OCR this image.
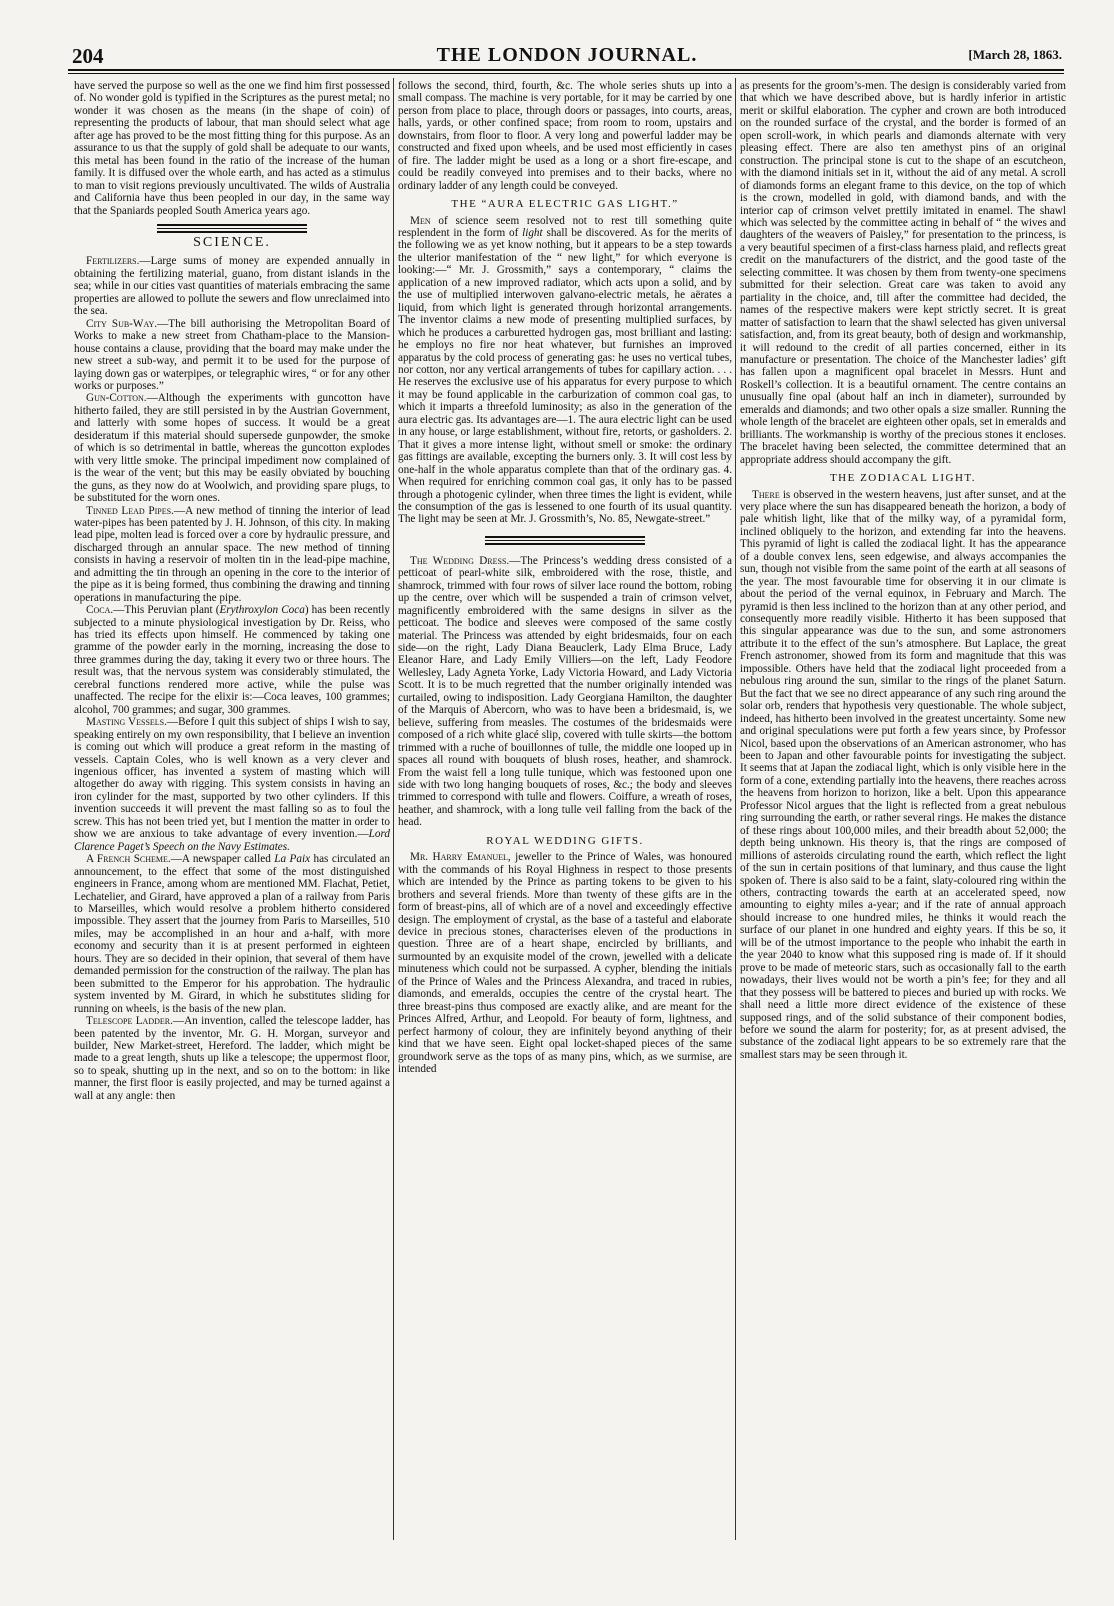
204	THE LONDON JOURNAL.	[March 28, 1863.

have served the purpose so well as the one we find him first possessed of. No wonder gold is typified in the Scriptures as the purest metal; no wonder it was chosen as the means (in the shape of coin) of representing the products of labour, that man should select what age after age has proved to be the most fitting thing for this purpose. As an assurance to us that the supply of gold shall be adequate to our wants, this metal has been found in the ratio of the increase of the human family. It is diffused over the whole earth, and has acted as a stimulus to man to visit regions previously uncultivated. The wilds of Australia and California have thus been peopled in our day, in the same way that the Spaniards peopled South America years ago.

SCIENCE.

Fertilizers.—Large sums of money are expended annually in obtaining the fertilizing material, guano, from distant islands in the sea; while in our cities vast quantities of materials embracing the same properties are allowed to pollute the sewers and flow unreclaimed into the sea.

City Sub-Way.—The bill authorising the Metropolitan Board of Works to make a new street from Chatham-place to the Mansion-house contains a clause, providing that the board may make under the new street a sub-way, and permit it to be used for the purpose of laying down gas or waterpipes, or telegraphic wires, “ or for any other works or purposes.”

Gun-Cotton.—Although the experiments with guncotton have hitherto failed, they are still persisted in by the Austrian Government, and latterly with some hopes of success. It would be a great desideratum if this material should supersede gunpowder, the smoke of which is so detrimental in battle, whereas the guncotton explodes with very little smoke. The principal impediment now complained of is the wear of the vent; but this may be easily obviated by bouching the guns, as they now do at Woolwich, and providing spare plugs, to be substituted for the worn ones.

Tinned Lead Pipes.—A new method of tinning the interior of lead water-pipes has been patented by J. H. Johnson, of this city. In making lead pipe, molten lead is forced over a core by hydraulic pressure, and discharged through an annular space. The new method of tinning consists in having a reservoir of molten tin in the lead-pipe machine, and admitting the tin through an opening in the core to the interior of the pipe as it is being formed, thus combining the drawing and tinning operations in manufacturing the pipe.

Coca.—This Peruvian plant (Erythroxylon Coca) has been recently subjected to a minute physiological investigation by Dr. Reiss, who has tried its effects upon himself. He commenced by taking one gramme of the powder early in the morning, increasing the dose to three grammes during the day, taking it every two or three hours. The result was, that the nervous system was considerably stimulated, the cerebral functions rendered more active, while the pulse was unaffected. The recipe for the elixir is:—Coca leaves, 100 grammes; alcohol, 700 grammes; and sugar, 300 grammes.

Masting Vessels.—Before I quit this subject of ships I wish to say, speaking entirely on my own responsibility, that I believe an invention is coming out which will produce a great reform in the masting of vessels. Captain Coles, who is well known as a very clever and ingenious officer, has invented a system of masting which will altogether do away with rigging. This system consists in having an iron cylinder for the mast, supported by two other cylinders. If this invention succeeds it will prevent the mast falling so as to foul the screw. This has not been tried yet, but I mention the matter in order to show we are anxious to take advantage of every invention.—Lord Clarence Paget’s Speech on the Navy Estimates.

A French Scheme.—A newspaper called La Paix has circulated an announcement, to the effect that some of the most distinguished engineers in France, among whom are mentioned MM. Flachat, Petiet, Lechatelier, and Girard, have approved a plan of a railway from Paris to Marseilles, which would resolve a problem hitherto considered impossible. They assert that the journey from Paris to Marseilles, 510 miles, may be accomplished in an hour and a-half, with more economy and security than it is at present performed in eighteen hours. They are so decided in their opinion, that several of them have demanded permission for the construction of the railway. The plan has been submitted to the Emperor for his approbation. The hydraulic system invented by M. Girard, in which he substitutes sliding for running on wheels, is the basis of the new plan.

Telescope Ladder.—An invention, called the telescope ladder, has been patented by the inventor, Mr. G. H. Morgan, surveyor and builder, New Market-street, Hereford. The ladder, which might be made to a great length, shuts up like a telescope; the uppermost floor, so to speak, shutting up in the next, and so on to the bottom: in like manner, the first floor is easily projected, and may be turned against a wall at any angle: then

follows the second, third, fourth, &c. The whole series shuts up into a small compass. The machine is very portable, for it may be carried by one person from place to place, through doors or passages, into courts, areas, halls, yards, or other confined space; from room to room, upstairs and downstairs, from floor to floor. A very long and powerful ladder may be constructed and fixed upon wheels, and be used most efficiently in cases of fire. The ladder might be used as a long or a short fire-escape, and could be readily conveyed into premises and to their backs, where no ordinary ladder of any length could be conveyed.

THE “AURA ELECTRIC GAS LIGHT.”

Men of science seem resolved not to rest till something quite resplendent in the form of light shall be discovered. As for the merits of the following we as yet know nothing, but it appears to be a step towards the ulterior manifestation of the “ new light,” for which everyone is looking:—“ Mr. J. Grossmith,” says a contemporary, “ claims the application of a new improved radiator, which acts upon a solid, and by the use of multiplied interwoven galvano-electric metals, he aërates a liquid, from which light is generated through horizontal arrangements. The inventor claims a new mode of presenting multiplied surfaces, by which he produces a carburetted hydrogen gas, most brilliant and lasting: he employs no fire nor heat whatever, but furnishes an improved apparatus by the cold process of generating gas: he uses no vertical tubes, nor cotton, nor any vertical arrangements of tubes for capillary action. . . . He reserves the exclusive use of his apparatus for every purpose to which it may be found applicable in the carburization of common coal gas, to which it imparts a threefold luminosity; as also in the generation of the aura electric gas. Its advantages are—1. The aura electric light can be used in any house, or large establishment, without fire, retorts, or gasholders. 2. That it gives a more intense light, without smell or smoke: the ordinary gas fittings are available, excepting the burners only. 3. It will cost less by one-half in the whole apparatus complete than that of the ordinary gas. 4. When required for enriching common coal gas, it only has to be passed through a photogenic cylinder, when three times the light is evident, while the consumption of the gas is lessened to one fourth of its usual quantity. The light may be seen at Mr. J. Grossmith’s, No. 85, Newgate-street.”

The Wedding Dress.—The Princess’s wedding dress consisted of a petticoat of pearl-white silk, embroidered with the rose, thistle, and shamrock, trimmed with four rows of silver lace round the bottom, robing up the centre, over which will be suspended a train of crimson velvet, magnificently embroidered with the same designs in silver as the petticoat. The bodice and sleeves were composed of the same costly material. The Princess was attended by eight bridesmaids, four on each side—on the right, Lady Diana Beauclerk, Lady Elma Bruce, Lady Eleanor Hare, and Lady Emily Villiers—on the left, Lady Feodore Wellesley, Lady Agneta Yorke, Lady Victoria Howard, and Lady Victoria Scott. It is to be much regretted that the number originally intended was curtailed, owing to indisposition. Lady Georgiana Hamilton, the daughter of the Marquis of Abercorn, who was to have been a bridesmaid, is, we believe, suffering from measles. The costumes of the bridesmaids were composed of a rich white glacé slip, covered with tulle skirts—the bottom trimmed with a ruche of bouillonnes of tulle, the middle one looped up in spaces all round with bouquets of blush roses, heather, and shamrock. From the waist fell a long tulle tunique, which was festooned upon one side with two long hanging bouquets of roses, &c.; the body and sleeves trimmed to correspond with tulle and flowers. Coiffure, a wreath of roses, heather, and shamrock, with a long tulle veil falling from the back of the head.

ROYAL WEDDING GIFTS.

Mr. Harry Emanuel, jeweller to the Prince of Wales, was honoured with the commands of his Royal Highness in respect to those presents which are intended by the Prince as parting tokens to be given to his brothers and several friends. More than twenty of these gifts are in the form of breast-pins, all of which are of a novel and exceedingly effective design. The employment of crystal, as the base of a tasteful and elaborate device in precious stones, characterises eleven of the productions in question. Three are of a heart shape, encircled by brilliants, and surmounted by an exquisite model of the crown, jewelled with a delicate minuteness which could not be surpassed. A cypher, blending the initials of the Prince of Wales and the Princess Alexandra, and traced in rubies, diamonds, and emeralds, occupies the centre of the crystal heart. The three breast-pins thus composed are exactly alike, and are meant for the Princes Alfred, Arthur, and Leopold. For beauty of form, lightness, and perfect harmony of colour, they are infinitely beyond anything of their kind that we have seen. Eight opal locket-shaped pieces of the same groundwork serve as the tops of as many pins, which, as we surmise, are intended

as presents for the groom’s-men. The design is considerably varied from that which we have described above, but is hardly inferior in artistic merit or skilful elaboration. The cypher and crown are both introduced on the rounded surface of the crystal, and the border is formed of an open scroll-work, in which pearls and diamonds alternate with very pleasing effect. There are also ten amethyst pins of an original construction. The principal stone is cut to the shape of an escutcheon, with the diamond initials set in it, without the aid of any metal. A scroll of diamonds forms an elegant frame to this device, on the top of which is the crown, modelled in gold, with diamond bands, and with the interior cap of crimson velvet prettily imitated in enamel. The shawl which was selected by the committee acting in behalf of “ the wives and daughters of the weavers of Paisley,” for presentation to the princess, is a very beautiful specimen of a first-class harness plaid, and reflects great credit on the manufacturers of the district, and the good taste of the selecting committee. It was chosen by them from twenty-one specimens submitted for their selection. Great care was taken to avoid any partiality in the choice, and, till after the committee had decided, the names of the respective makers were kept strictly secret. It is great matter of satisfaction to learn that the shawl selected has given universal satisfaction, and, from its great beauty, both of design and workmanship, it will redound to the credit of all parties concerned, either in its manufacture or presentation. The choice of the Manchester ladies’ gift has fallen upon a magnificent opal bracelet in Messrs. Hunt and Roskell’s collection. It is a beautiful ornament. The centre contains an unusually fine opal (about half an inch in diameter), surrounded by emeralds and diamonds; and two other opals a size smaller. Running the whole length of the bracelet are eighteen other opals, set in emeralds and brilliants. The workmanship is worthy of the precious stones it encloses. The bracelet having been selected, the committee determined that an appropriate address should accompany the gift.

THE ZODIACAL LIGHT.

There is observed in the western heavens, just after sunset, and at the very place where the sun has disappeared beneath the horizon, a body of pale whitish light, like that of the milky way, of a pyramidal form, inclined obliquely to the horizon, and extending far into the heavens. This pyramid of light is called the zodiacal light. It has the appearance of a double convex lens, seen edgewise, and always accompanies the sun, though not visible from the same point of the earth at all seasons of the year. The most favourable time for observing it in our climate is about the period of the vernal equinox, in February and March. The pyramid is then less inclined to the horizon than at any other period, and consequently more readily visible. Hitherto it has been supposed that this singular appearance was due to the sun, and some astronomers attribute it to the effect of the sun’s atmosphere. But Laplace, the great French astronomer, showed from its form and magnitude that this was impossible. Others have held that the zodiacal light proceeded from a nebulous ring around the sun, similar to the rings of the planet Saturn. But the fact that we see no direct appearance of any such ring around the solar orb, renders that hypothesis very questionable. The whole subject, indeed, has hitherto been involved in the greatest uncertainty. Some new and original speculations were put forth a few years since, by Professor Nicol, based upon the observations of an American astronomer, who has been to Japan and other favourable points for investigating the subject. It seems that at Japan the zodiacal light, which is only visible here in the form of a cone, extending partially into the heavens, there reaches across the heavens from horizon to horizon, like a belt. Upon this appearance Professor Nicol argues that the light is reflected from a great nebulous ring surrounding the earth, or rather several rings. He makes the distance of these rings about 100,000 miles, and their breadth about 52,000; the depth being unknown. His theory is, that the rings are composed of millions of asteroids circulating round the earth, which reflect the light of the sun in certain positions of that luminary, and thus cause the light spoken of. There is also said to be a faint, slaty-coloured ring within the others, contracting towards the earth at an accelerated speed, now amounting to eighty miles a-year; and if the rate of annual approach should increase to one hundred miles, he thinks it would reach the surface of our planet in one hundred and eighty years. If this be so, it will be of the utmost importance to the people who inhabit the earth in the year 2040 to know what this supposed ring is made of. If it should prove to be made of meteoric stars, such as occasionally fall to the earth nowadays, their lives would not be worth a pin’s fee; for they and all that they possess will be battered to pieces and buried up with rocks. We shall need a little more direct evidence of the existence of these supposed rings, and of the solid substance of their component bodies, before we sound the alarm for posterity; for, as at present advised, the substance of the zodiacal light appears to be so extremely rare that the smallest stars may be seen through it.
